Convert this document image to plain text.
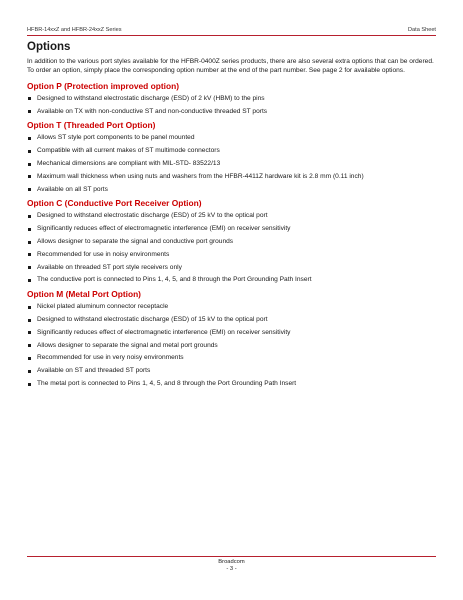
HFBR-14xxZ and HFBR-24xxZ Series	Data Sheet
Options

In addition to the various port styles available for the HFBR-0400Z series products, there are also several extra options that can be ordered. To order an option, simply place the corresponding option number at the end of the part number. See page 2 for available options.

Option P (Protection improved option)
Designed to withstand electrostatic discharge (ESD) of 2 kV (HBM) to the pins
Available on TX with non-conductive ST and non-conductive threaded ST ports
Option T (Threaded Port Option)
Allows ST style port components to be panel mounted
Compatible with all current makes of ST multimode connectors
Mechanical dimensions are compliant with MIL-STD- 83522/13
Maximum wall thickness when using nuts and washers from the HFBR-4411Z hardware kit is 2.8 mm (0.11 inch)
Available on all ST ports
Option C (Conductive Port Receiver Option)
Designed to withstand electrostatic discharge (ESD) of 25 kV to the optical port
Significantly reduces effect of electromagnetic interference (EMI) on receiver sensitivity
Allows designer to separate the signal and conductive port grounds
Recommended for use in noisy environments
Available on threaded ST port style receivers only
The conductive port is connected to Pins 1, 4, 5, and 8 through the Port Grounding Path Insert
Option M (Metal Port Option)
Nickel plated aluminum connector receptacle
Designed to withstand electrostatic discharge (ESD) of 15 kV to the optical port
Significantly reduces effect of electromagnetic interference (EMI) on receiver sensitivity
Allows designer to separate the signal and metal port grounds
Recommended for use in very noisy environments
Available on ST and threaded ST ports
The metal port is connected to Pins 1, 4, 5, and 8 through the Port Grounding Path Insert
Broadcom
- 3 -
